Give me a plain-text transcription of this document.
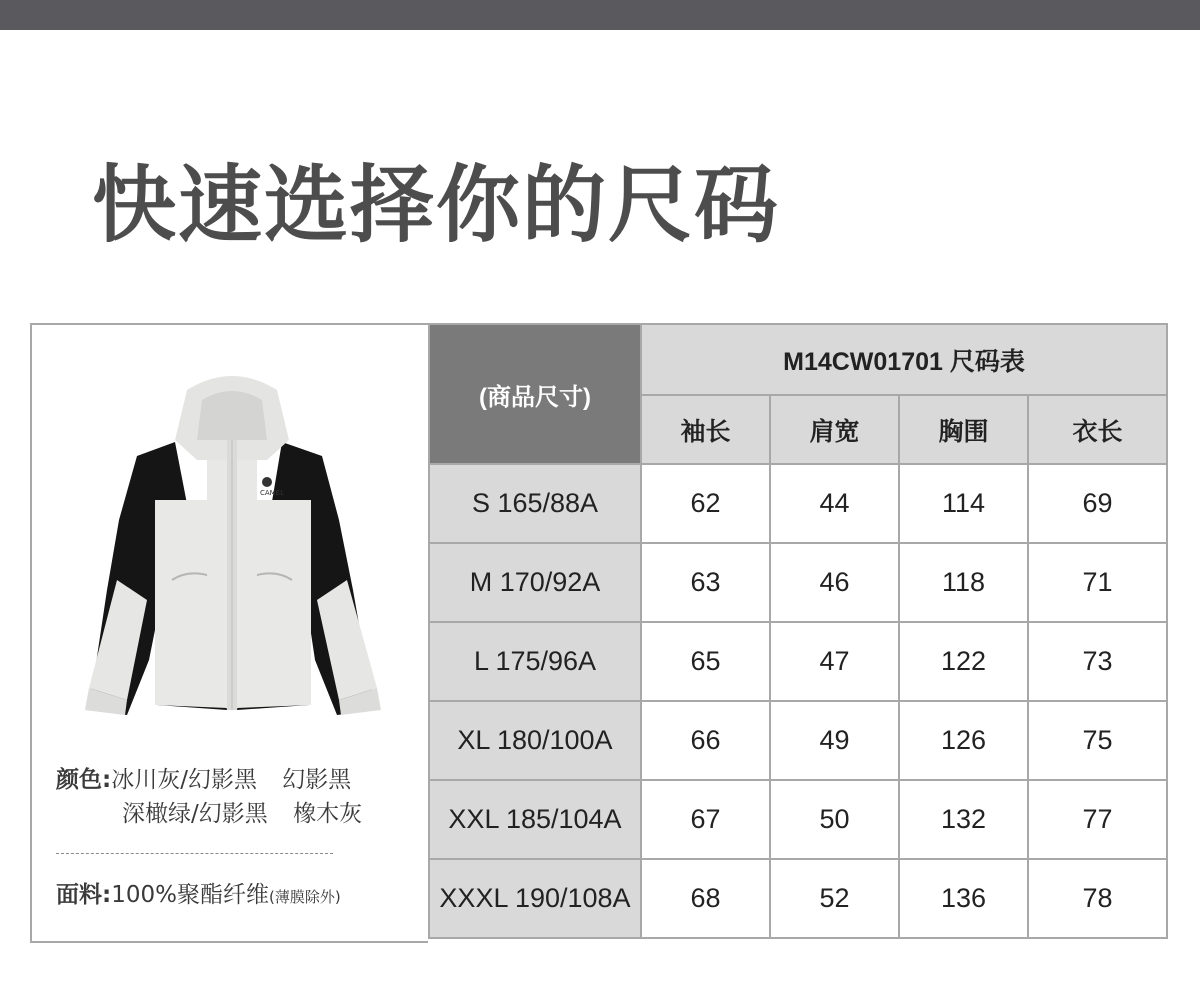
快速选择你的尺码
CAMEL
颜色:冰川灰/幻影黑 幻影黑
深橄绿/幻影黑 橡木灰
面料:100%聚酯纤维(薄膜除外)
(商品尺寸)	M14CW01701 尺码表			
	袖长	肩宽	胸围	衣长
S 165/88A	62	44	114	69
M 170/92A	63	46	118	71
L 175/96A	65	47	122	73
XL 180/100A	66	49	126	75
XXL 185/104A	67	50	132	77
XXXL 190/108A	68	52	136	78
